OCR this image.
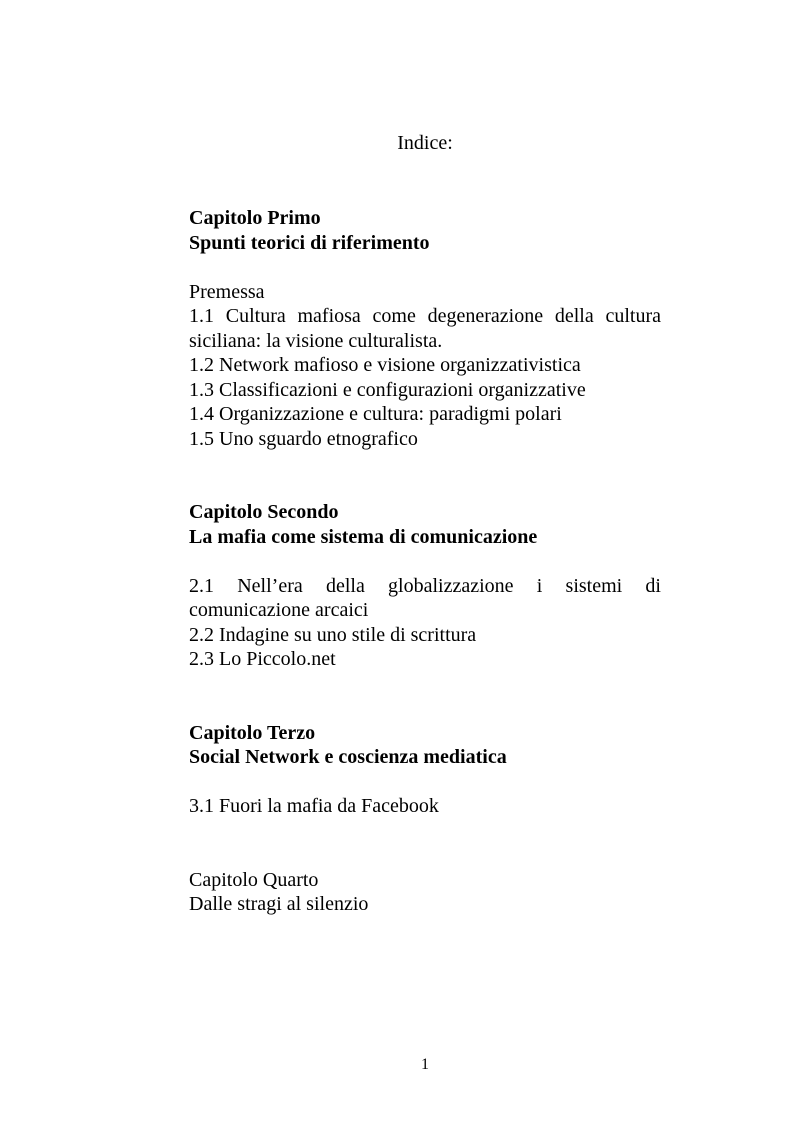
Indice:
Capitolo Primo
Spunti teorici di riferimento
Premessa
1.1 Cultura mafiosa come degenerazione della cultura
siciliana: la visione culturalista.
1.2 Network mafioso e visione organizzativistica
1.3 Classificazioni e configurazioni organizzative
1.4 Organizzazione e cultura: paradigmi polari
1.5 Uno sguardo etnografico
Capitolo Secondo
La mafia come sistema di comunicazione
2.1 Nell’era della globalizzazione i sistemi di
comunicazione arcaici
2.2 Indagine su uno stile di scrittura
2.3 Lo Piccolo.net
Capitolo Terzo
Social Network e coscienza mediatica
3.1 Fuori la mafia da Facebook
Capitolo Quarto
Dalle stragi al silenzio
1
